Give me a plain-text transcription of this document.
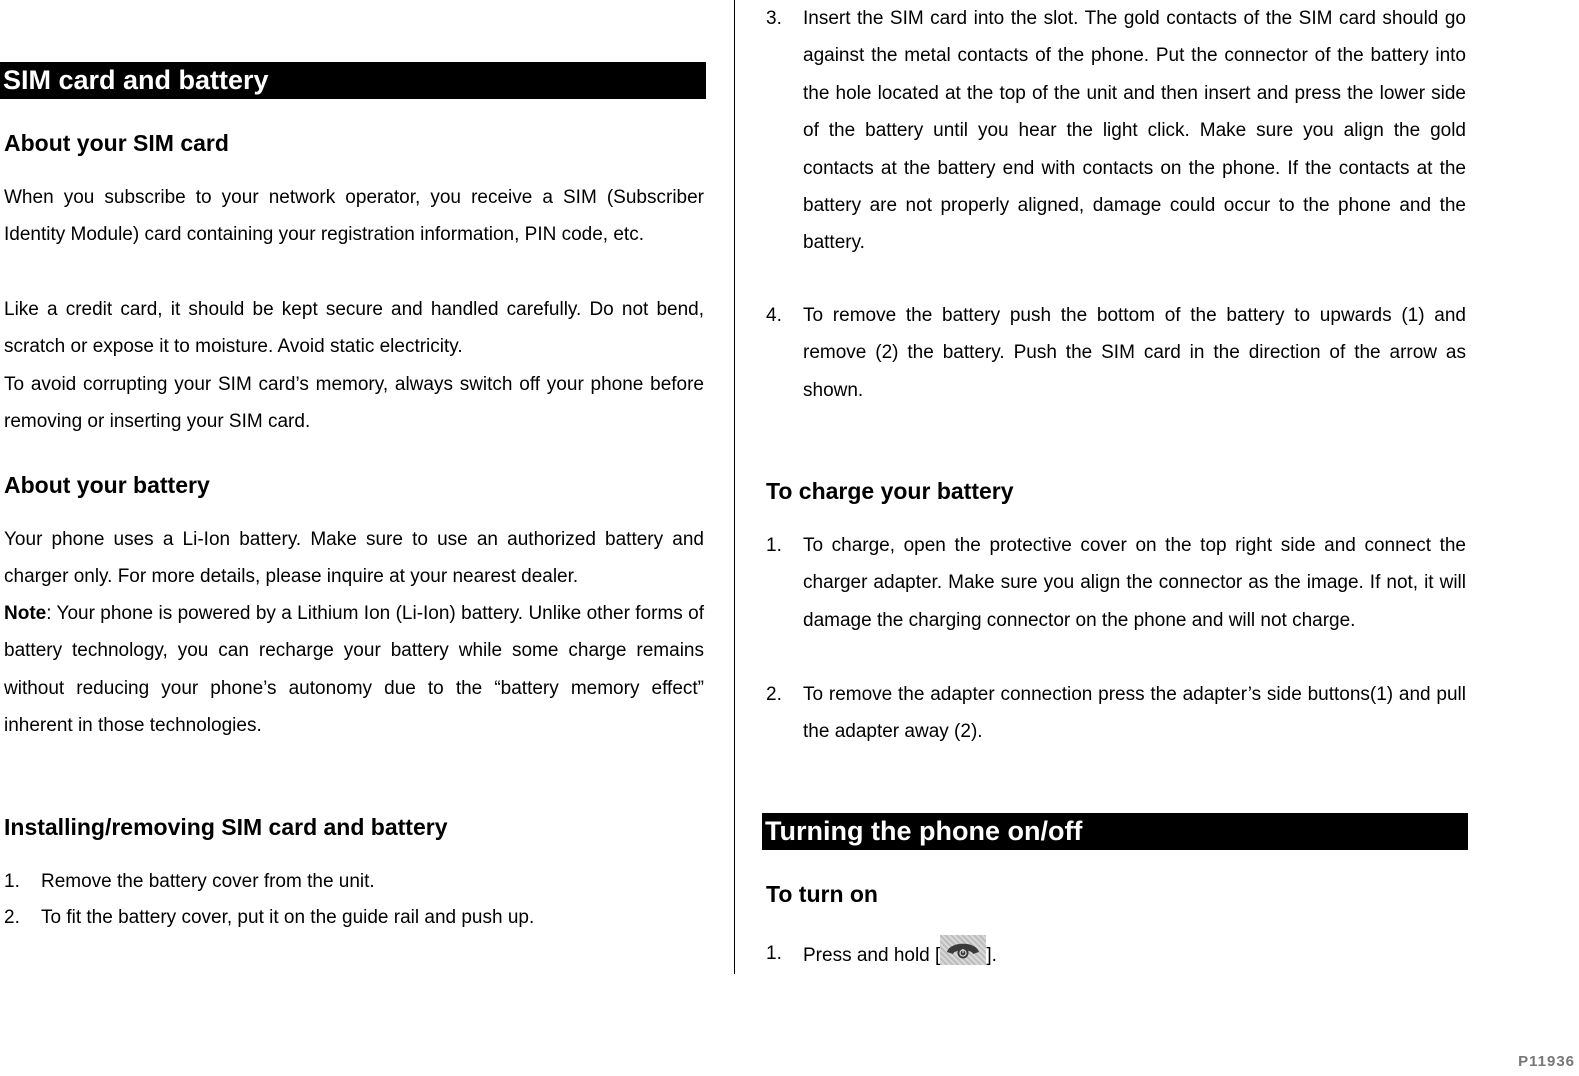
SIM card and battery
About your SIM card

When you subscribe to your network operator, you receive a SIM (Subscriber Identity Module) card containing your registration information, PIN code, etc.

Like a credit card, it should be kept secure and handled carefully. Do not bend, scratch or expose it to moisture. Avoid static electricity.

To avoid corrupting your SIM card’s memory, always switch off your phone before removing or inserting your SIM card.

About your battery

Your phone uses a Li-Ion battery. Make sure to use an authorized battery and charger only. For more details, please inquire at your nearest dealer.

Note: Your phone is powered by a Lithium Ion (Li-Ion) battery. Unlike other forms of battery technology, you can recharge your battery while some charge remains without reducing your phone’s autonomy due to the “battery memory effect” inherent in those technologies.

Installing/removing SIM card and battery
1. Remove the battery cover from the unit.
2. To fit the battery cover, put it on the guide rail and push up.
3. Insert the SIM card into the slot. The gold contacts of the SIM card should go against the metal contacts of the phone. Put the connector of the battery into the hole located at the top of the unit and then insert and press the lower side of the battery until you hear the light click. Make sure you align the gold contacts at the battery end with contacts on the phone. If the contacts at the battery are not properly aligned, damage could occur to the phone and the battery.
4. To remove the battery push the bottom of the battery to upwards (1) and remove (2) the battery. Push the SIM card in the direction of the arrow as shown.
To charge your battery
1. To charge, open the protective cover on the top right side and connect the charger adapter. Make sure you align the connector as the image. If not, it will damage the charging connector on the phone and will not charge.
2. To remove the adapter connection press the adapter’s side buttons(1) and pull the adapter away (2).
Turning the phone on/off
To turn on
1. Press and hold [ ].
P11936
